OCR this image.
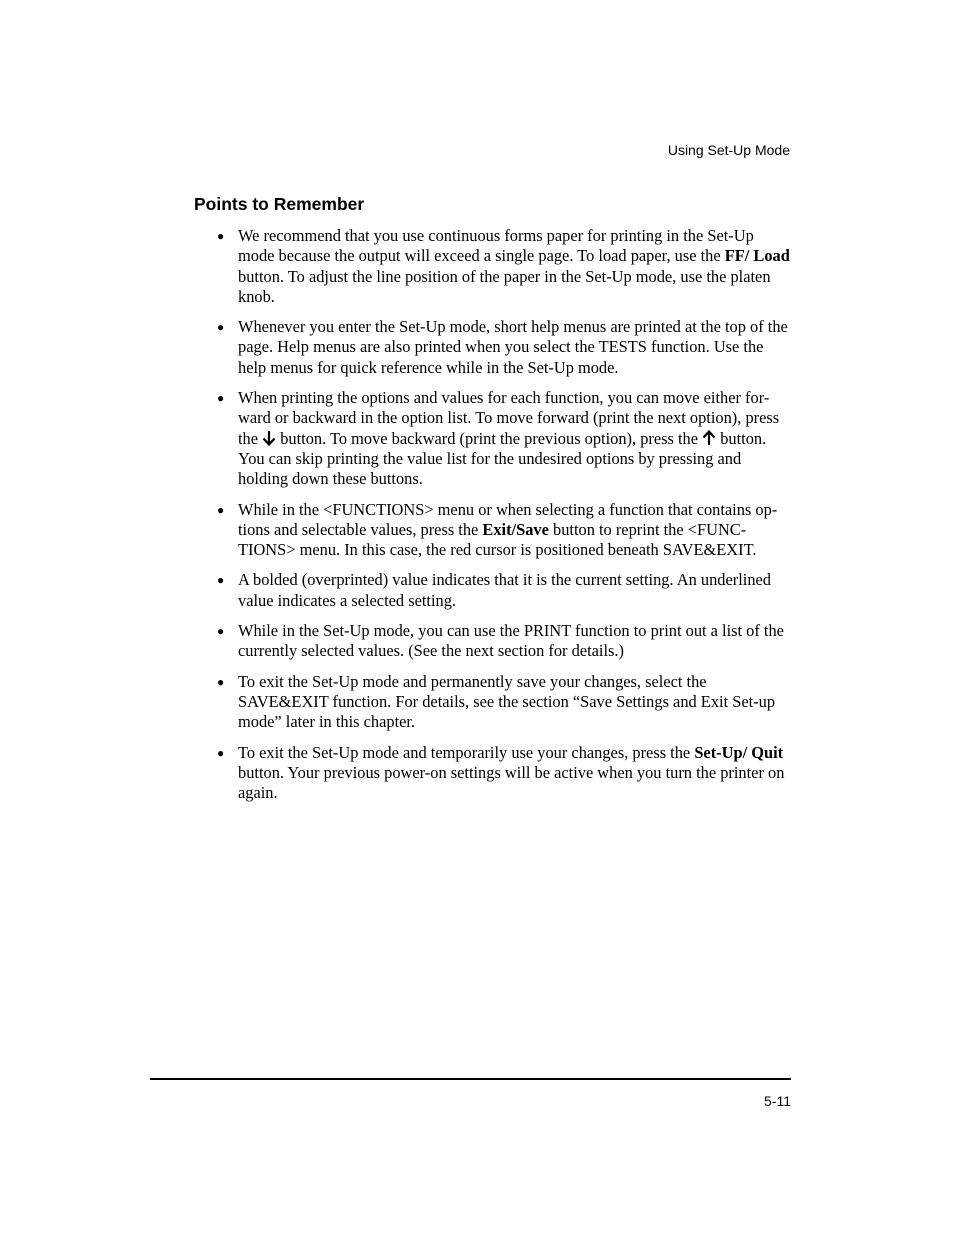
Using Set-Up Mode
Points to Remember
● We recommend that you use continuous forms paper for printing in the Set-Up mode because the output will exceed a single page. To load paper, use the FF/ Load button. To adjust the line position of the paper in the Set-Up mode, use the platen knob.
● Whenever you enter the Set-Up mode, short help menus are printed at the top of the page. Help menus are also printed when you select the TESTS function. Use the help menus for quick reference while in the Set-Up mode.
● When printing the options and values for each function, you can move either for-ward or backward in the option list. To move forward (print the next option), press the  button. To move backward (print the previous option), press the  button. You can skip printing the value list for the undesired options by pressing and holding down these buttons.
● While in the <FUNCTIONS> menu or when selecting a function that contains op-tions and selectable values, press the Exit/Save button to reprint the <FUNC-TIONS> menu. In this case, the red cursor is positioned beneath SAVE&EXIT.
● A bolded (overprinted) value indicates that it is the current setting. An underlined value indicates a selected setting.
● While in the Set-Up mode, you can use the PRINT function to print out a list of the currently selected values. (See the next section for details.)
● To exit the Set-Up mode and permanently save your changes, select the SAVE&EXIT function. For details, see the section “Save Settings and Exit Set-up mode” later in this chapter.
● To exit the Set-Up mode and temporarily use your changes, press the Set-Up/ Quit button. Your previous power-on settings will be active when you turn the printer on again.
5-11
